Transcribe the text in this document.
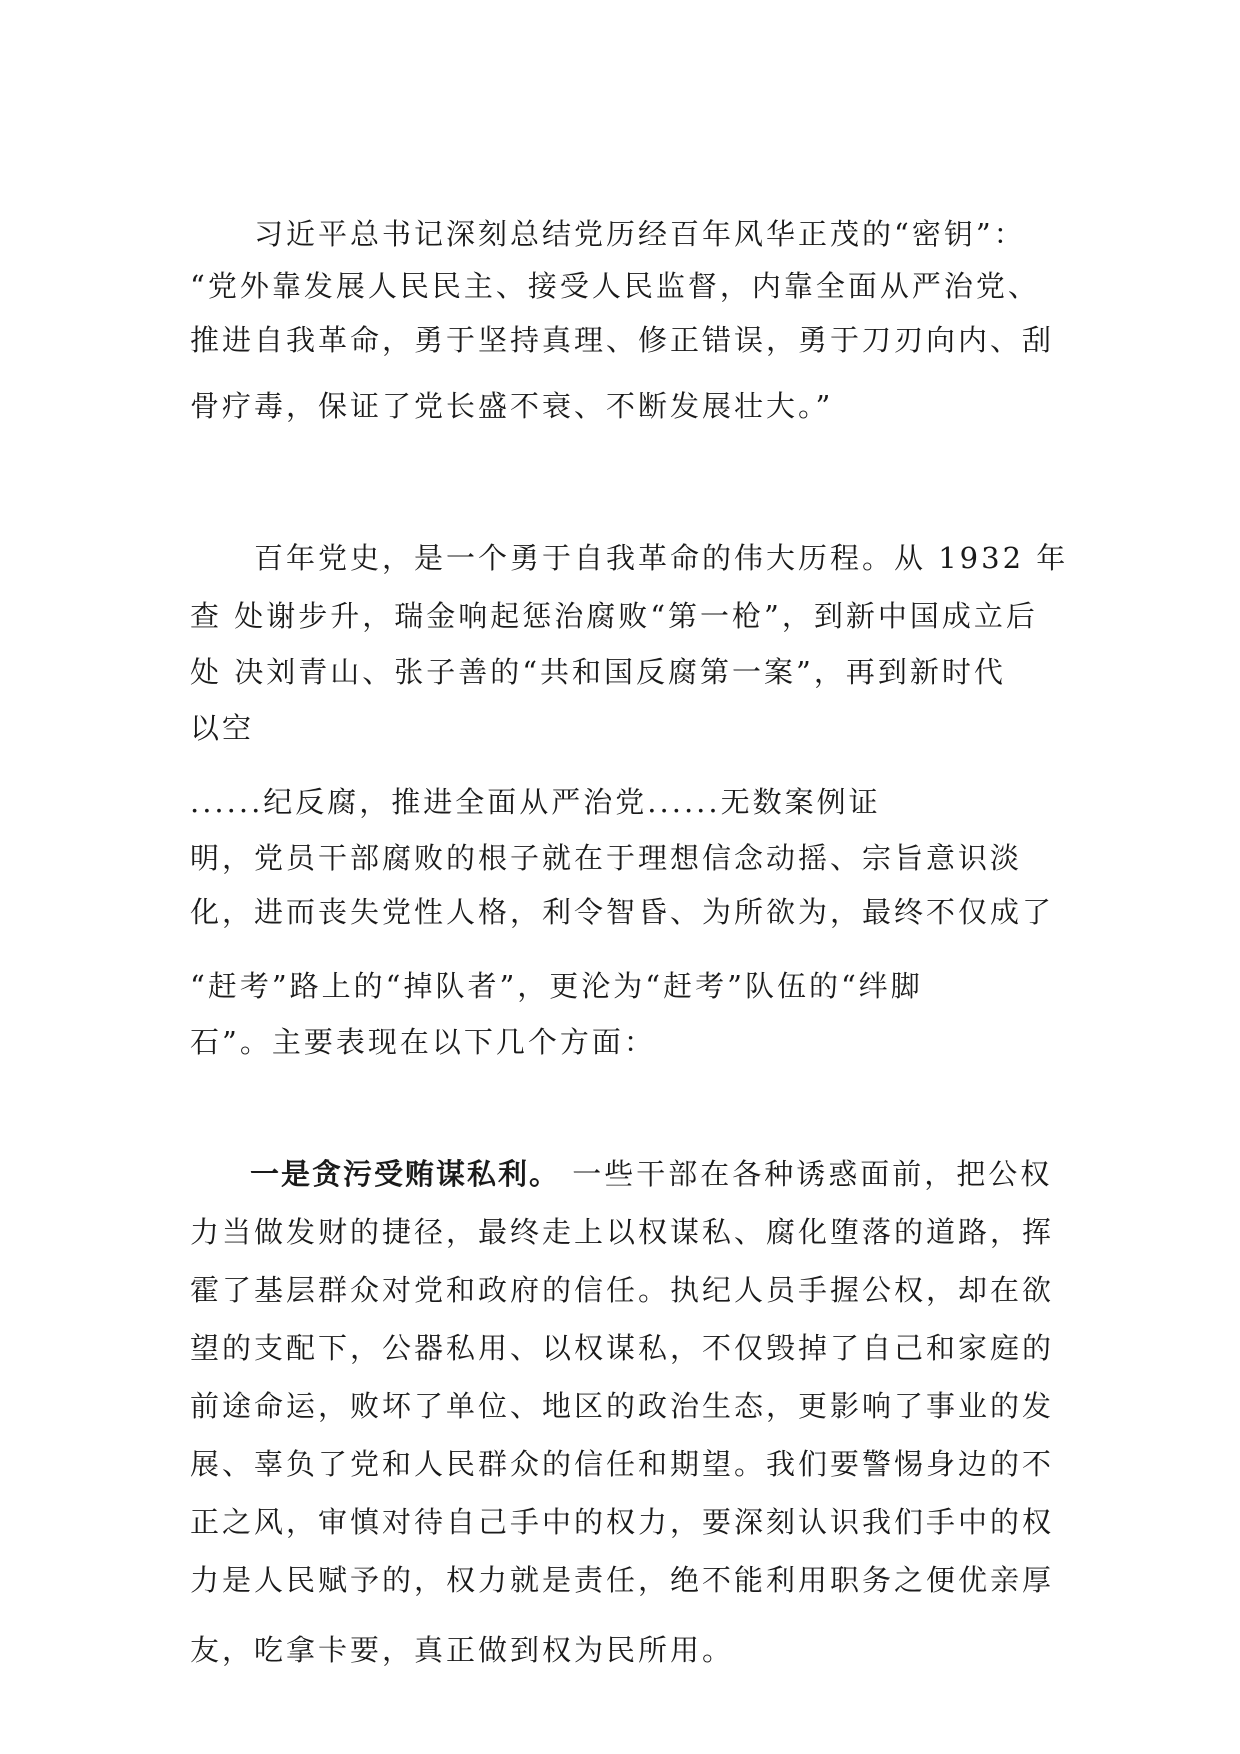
　　习近平总书记深刻总结党历经百年风华正茂的“密钥”：
“党外靠发展人民民主、接受人民监督，内靠全面从严治党、
推进自我革命，勇于坚持真理、修正错误，勇于刀刃向内、刮
骨疗毒，保证了党长盛不衰、不断发展壮大。”
　　百年党史，是一个勇于自我革命的伟大历程。从 1932 年
查 处谢步升，瑞金响起惩治腐败“第一枪”，到新中国成立后
处 决刘青山、张子善的“共和国反腐第一案”，再到新时代
以空
......纪反腐，推进全面从严治党......无数案例证
明，党员干部腐败的根子就在于理想信念动摇、宗旨意识淡
化，进而丧失党性人格，利令智昏、为所欲为，最终不仅成了
“赶考”路上的“掉队者”，更沦为“赶考”队伍的“绊脚
石”。主要表现在以下几个方面：
一是贪污受贿谋私利。 一些干部在各种诱惑面前，把公权
力当做发财的捷径，最终走上以权谋私、腐化堕落的道路，挥
霍了基层群众对党和政府的信任。执纪人员手握公权，却在欲
望的支配下，公器私用、以权谋私，不仅毁掉了自己和家庭的
前途命运，败坏了单位、地区的政治生态，更影响了事业的发
展、辜负了党和人民群众的信任和期望。我们要警惕身边的不
正之风，审慎对待自己手中的权力，要深刻认识我们手中的权
力是人民赋予的，权力就是责任，绝不能利用职务之便优亲厚
友，吃拿卡要，真正做到权为民所用。
